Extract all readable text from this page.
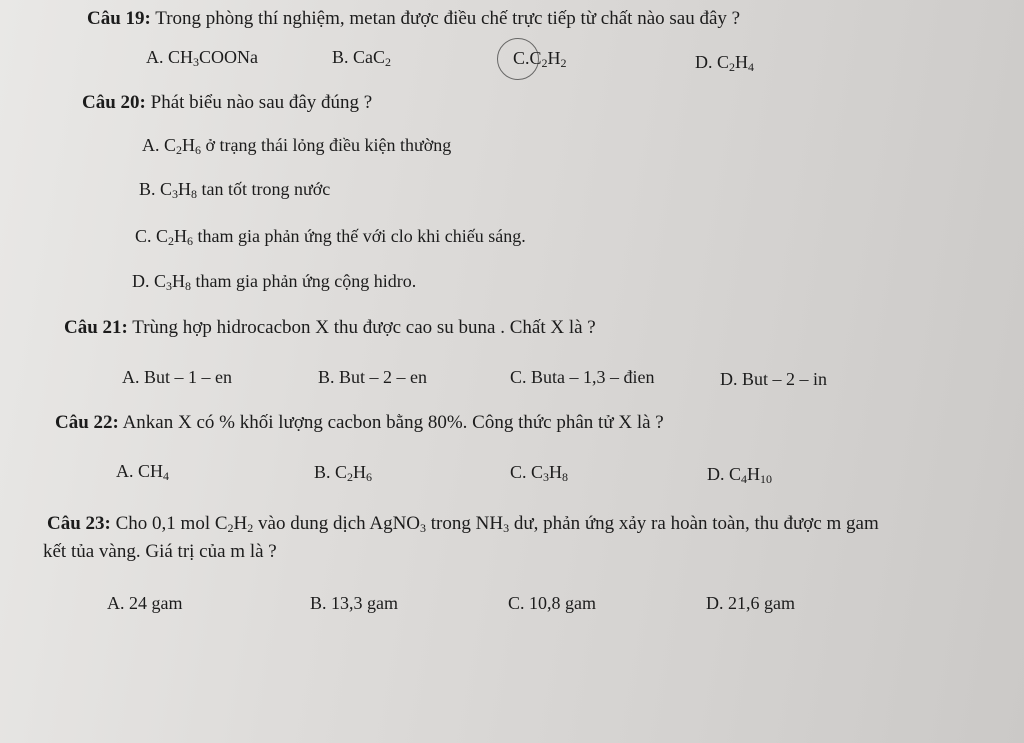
Câu 19: Trong phòng thí nghiệm, metan được điều chế trực tiếp từ chất nào sau đây ?
A. $CH_3COONa$	B. CaC$_2$	$C.C_2H_2$	D. $C_2H_4$
Câu 20: Phát biểu nào sau đây đúng ?
A. $C_2H_6$ ở trạng thái lỏng điều kiện thường
B. $C_3H_8$ tan tốt trong nước
C. $C_2H_6$ tham gia phản ứng thế với clo khi chiếu sáng.
D. $C_3H_8$ tham gia phản ứng cộng hidro.
Câu 21: Trùng hợp hidrocacbon X thu được cao su buna . Chất X là ?
A. But – 1 – en	B. But – 2 – en	C. Buta – 1,3 – đien	D. But – 2 – in
Câu 22: Ankan X có % khối lượng cacbon bằng 80%. Công thức phân tử X là ?
A. $CH_4$	B. $C_2H_6$	C. $C_3H_8$	D. $C_4H_{10}$
Câu 23: Cho 0,1 mol $C_2H_2$ vào dung dịch AgNO$_3$ trong $NH_3$ dư, phản ứng xảy ra hoàn toàn, thu được m gam
kết tủa vàng. Giá trị của m là ?
A. 24 gam	B. 13,3 gam	C. 10,8 gam	D. 21,6 gam
